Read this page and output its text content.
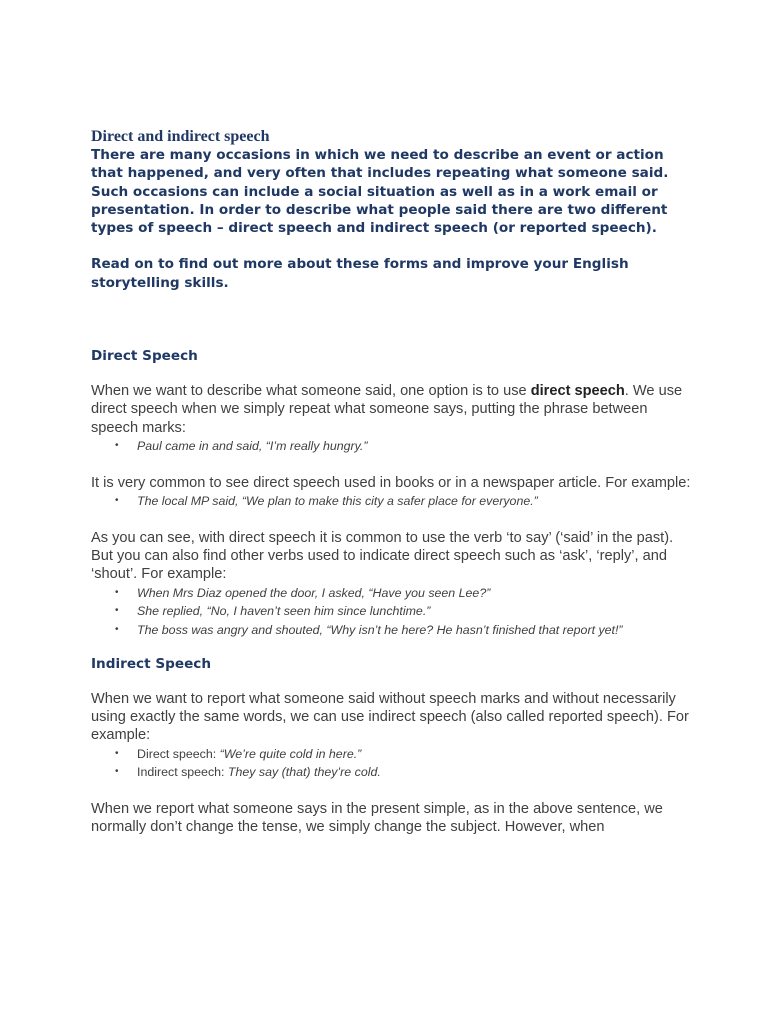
Direct and indirect speech

There are many occasions in which we need to describe an event or action that happened, and very often that includes repeating what someone said. Such occasions can include a social situation as well as in a work email or presentation. In order to describe what people said there are two different types of speech – direct speech and indirect speech (or reported speech).

Read on to find out more about these forms and improve your English storytelling skills.

Direct Speech

When we want to describe what someone said, one option is to use direct speech. We use direct speech when we simply repeat what someone says, putting the phrase between speech marks:

• Paul came in and said, “I’m really hungry.”

It is very common to see direct speech used in books or in a newspaper article. For example:

• The local MP said, “We plan to make this city a safer place for everyone.”

As you can see, with direct speech it is common to use the verb ‘to say’ (‘said’ in the past). But you can also find other verbs used to indicate direct speech such as ‘ask’, ‘reply’, and ‘shout’. For example:

• When Mrs Diaz opened the door, I asked, “Have you seen Lee?”
• She replied, “No, I haven’t seen him since lunchtime.”
• The boss was angry and shouted, “Why isn’t he here? He hasn’t finished that report yet!”
Indirect Speech

When we want to report what someone said without speech marks and without necessarily using exactly the same words, we can use indirect speech (also called reported speech). For example:

• Direct speech: “We’re quite cold in here.”
• Indirect speech: They say (that) they’re cold.

When we report what someone says in the present simple, as in the above sentence, we normally don’t change the tense, we simply change the subject. However, when
